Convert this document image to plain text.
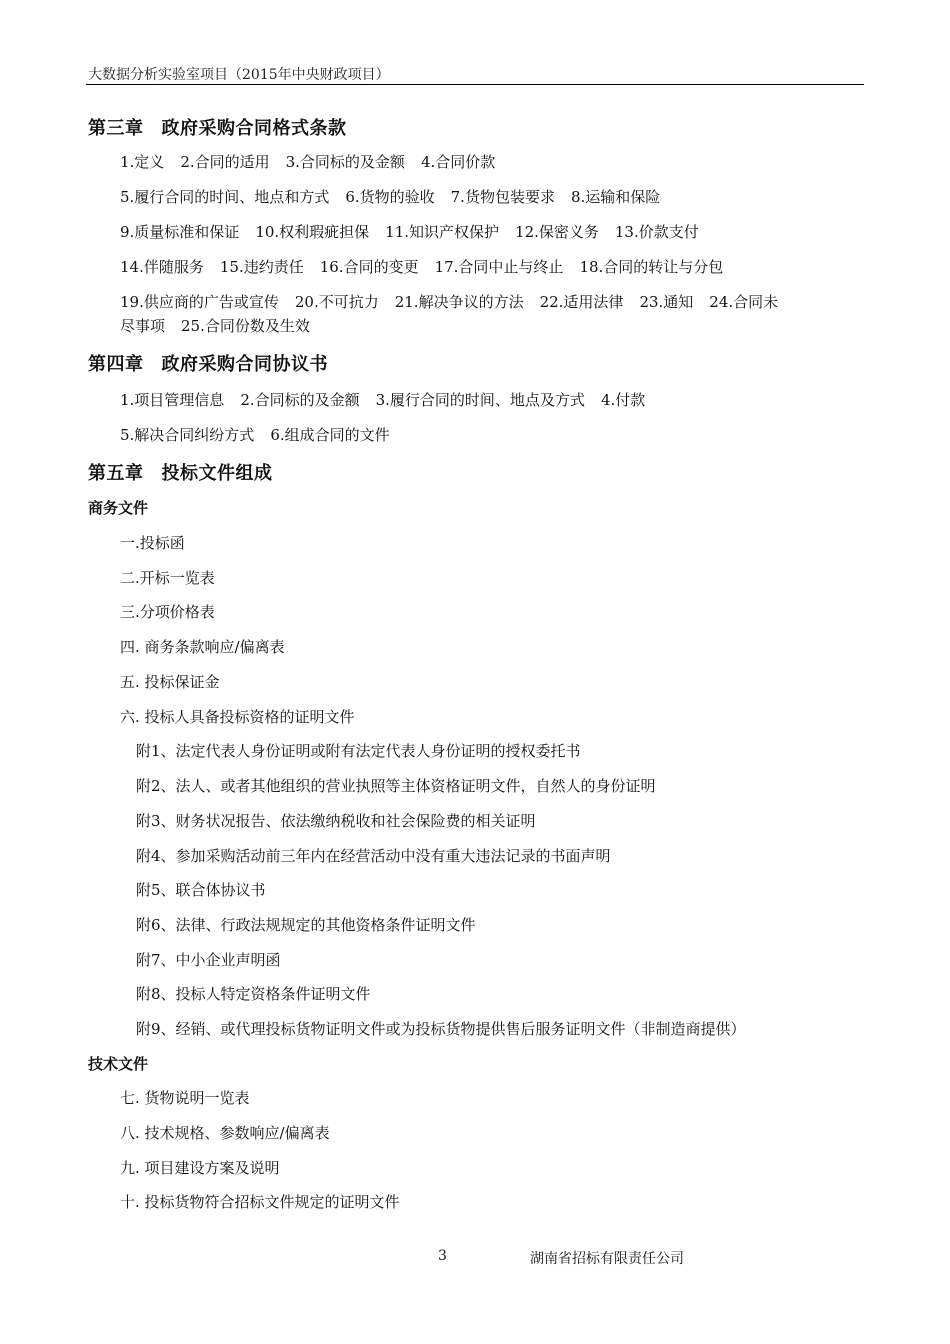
大数据分析实验室项目（2015年中央财政项目）
第三章 政府采购合同格式条款
1.定义 2.合同的适用 3.合同标的及金额 4.合同价款
5.履行合同的时间、地点和方式 6.货物的验收 7.货物包装要求 8.运输和保险
9.质量标准和保证 10.权利瑕疵担保 11.知识产权保护 12.保密义务 13.价款支付
14.伴随服务 15.违约责任 16.合同的变更 17.合同中止与终止 18.合同的转让与分包
19.供应商的广告或宣传 20.不可抗力 21.解决争议的方法 22.适用法律 23.通知 24.合同未
尽事项 25.合同份数及生效
第四章 政府采购合同协议书
1.项目管理信息 2.合同标的及金额 3.履行合同的时间、地点及方式 4.付款
5.解决合同纠纷方式 6.组成合同的文件
第五章 投标文件组成
商务文件
一.投标函
二.开标一览表
三.分项价格表
四. 商务条款响应/偏离表
五. 投标保证金
六. 投标人具备投标资格的证明文件
附1、法定代表人身份证明或附有法定代表人身份证明的授权委托书
附2、法人、或者其他组织的营业执照等主体资格证明文件，自然人的身份证明
附3、财务状况报告、依法缴纳税收和社会保险费的相关证明
附4、参加采购活动前三年内在经营活动中没有重大违法记录的书面声明
附5、联合体协议书
附6、法律、行政法规规定的其他资格条件证明文件
附7、中小企业声明函
附8、投标人特定资格条件证明文件
附9、经销、或代理投标货物证明文件或为投标货物提供售后服务证明文件（非制造商提供）
技术文件
七. 货物说明一览表
八. 技术规格、参数响应/偏离表
九. 项目建设方案及说明
十. 投标货物符合招标文件规定的证明文件
3	湖南省招标有限责任公司
